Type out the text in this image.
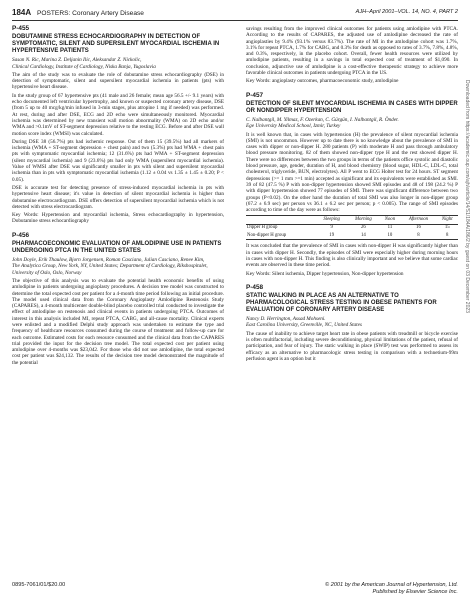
184A POSTERS: Coronary Artery Disease	AJH–April 2001–VOL. 14, NO. 4, PART 2
P-455
DOBUTAMINE STRESS ECHOCARDIOGRAPHY IN DETECTION OF SYMPTOMATIC, SILENT AND SUPERSILENT MYOCARDIAL ISCHEMIA IN HYPERTENSIVE PATIENTS

Sasan N. Ric, Marina Z. Deljanin Ilic, Aleksandar Z. Nickolic,

Clinical Cardiology, Institute of Cardiology, Niska Banja, Yugoslavia

The aim of the study was to evaluate the role of dobutamine stress echocardiography (DSE) in detection of symptomatic, silent and supersilent myocardial ischemia in patients (pts) with hypertensive heart disease.

In the study group of 67 hypertensive pts (41 male and 26 female; mean age 56.5 +/- 9.1 years) with echo documented left ventricular hypertrophy, and known or suspected coronary artery disease, DSE (from 5 up to 40 mcg/kg/min infused in 3-min stages, plus atropine 1 mg if needed) was performed. At rest, during and after DSE, ECG and 2D echo were simultaneously monitored. Myocardial ischemia was determined by new transient wall motion abnormality (WMA) on 2D echo and/or WMA and >0.1mV of ST-segment depression relative to the resting ECG. Before and after DSE wall motion score index (WMSI) was calculated.

During DSE 38 (56.7%) pts had ischemic response. Out of them 15 (39.5%) had all markers of ischemia (WMA + ST-segment depression + chest pain) and two (5.3%) pts had WMA + chest pain pts with symptomatic myocardial ischemia; 12 (31.6%) pts had WMA + ST-segment depression (silent myocardial ischemia) and 9 (23.6%) pts had only WMA (supersilent myocardial ischemia). Value of WMSI after DSE was significantly smaller in pts with silent and supersilent myocardial ischemia than in pts with symptomatic myocardial ischemia (1.12 ± 0.04 vs 1.35 ± 1.45 ± 0.20; P < 0.05).

DSE is accurate test for detecting presence of stress-induced myocardial ischemia in pts with hypertensive heart disease; it's value in detection of silent myocardial ischemia is higher than dobutamine electrocardiogram. DSE offers detection of supersilent myocardial ischemia which is not detected with stress electrocardiogram.

Key Words: Hypertension and myocardial ischemia, Stress echocardiography in hypertension, Dobutamine stress echocardiography

P-456
PHARMACOECONOMIC EVALUATION OF AMLODIPINE USE IN PATIENTS UNDERGOING PTCA IN THE UNITED STATES

John Doyle, Erik Thaulow, Bjorn Jorgensen, Roman Casciano, Julian Casciano, Renee Kim,

The Analytica Group, New York, NY, United States; Department of Cardiology, Rikshospitalet, University of Oslo, Oslo, Norway

The objective of this analysis was to evaluate the potential health economic benefits of using amlodipine in patients undergoing angioplasty procedures. A decision tree model was constructed to determine the total expected cost per patient for a 4-month time period following an initial procedure. The model used clinical data from the Coronary Angioplasty Amlodipine Restenosis Study (CAPARES), a 4-month multicenter double-blind placebo controlled trial conducted to investigate the effect of amlodipine on restenosis and clinical events in patients undergoing PTCA. Outcomes of interest in this analysis included MI, repeat PTCA, CABG, and all-cause mortality. Clinical experts were enlisted and a modified Delphi study approach was undertaken to estimate the type and frequency of healthcare resources consumed during the course of treatment and follow-up care for each outcome. Estimated costs for each resource consumed and the clinical data from the CAPARES trial provided the input for the decision tree model. The total expected cost per patient using amlodipine over 4-months was $23,042. For those who did not use amlodipine, the total expected cost per patient was $24,132. The results of the decision tree model demonstrated the magnitude of the potential

savings resulting from the improved clinical outcomes for patients using amlodipine with PTCA. According to the results of CAPARES, the adjusted use of amlodipine decreased the rate of angioplasties by 9.4% (93.1% versus 83.7%). The rate of MI in the amlodipine cohort was 1.7%, 3.1% for repeat PTCA, 1.7% for CABG, and 0.3% for death as opposed to rates of 3.7%, 7.8%, 4.8%, and 0.3%, respectively, in the placebo cohort. Overall, fewer health resources were utilized by amlodipine patients, resulting in a savings in total expected cost of treatment of $1,090. In conclusion, adjunctive use of amlodipine is a cost-effective therapeutic strategy to achieve more favorable clinical outcomes in patients undergoing PTCA in the US.

Key Words: angioplasty outcomes, pharmacoeconomic study, amlodipine

P-457
DETECTION OF SILENT MYOCARDIAL ISCHEMIA IN CASES WITH DIPPER OR NONDIPPER HYPERTENSION

C. Nalbantgil, M. Yilmaz, F. Ozerkan, C. Gürgün, I. Nalbantgil, R. Önder.

Ege University Medical School, Izmir, Turkey

It is well known that, in cases with hypertension (H) the prevalence of silent myocardial ischemia (SMI) is not uncommon. However up to date there is no knowledge about the prevalence of SMI in cases with dipper or non-dipper H. 280 patients (P) with moderate H and pass through ambulatory blood pressure monitoring. 82 of them showed non-dipper type H and the rest showed dipper H. There were no differences between the two groups in terms of the patients office systolic and diastolic blood pressure, age, gender, duration of H, and blood chemistry (blood sugar, HDL-C, LDL-C, total cholesterol, triglyceride, BUN, electrolytes). All P went to ECG Holter test for 24 hours. ST segment depressions (>= 1 mm >=1 min) accepted as significant and its equivalents were established as SMI. 39 of 82 (47.5 %) P with non-dipper hypertension showed SMI episodes and 48 of 198 (24.2 %) P with dipper hypertension showed 77 episodes of SMI. There was significant difference between two groups (P<0.02). On the other hand the duration of total SMI was also longer in non-dipper group (67.2 ± 6.9 sec) per person vs 36.1 ± 6.2 sec per person; p < 0.005). The range of SMI episodes according to time of the day were as follows:

	Sleeping	Morning	Noon	Afternoon	Night
Dipper H group	9	26	11	16	15
Non-dipper H group	19	14	10	8	8

It was concluded that the prevalence of SMI in cases with non-dipper H was significantly higher than in cases with dipper H. Secondly, the episodes of SMI were especially higher during morning hours in cases with non-dipper H. This finding is also clinically important and we believe that some cardiac events are observed in these time period.

Key Words: Silent ischemia, Dipper hypertension, Non-dipper hypertension

P-458
STATIC WALKING IN PLACE AS AN ALTERNATIVE TO PHARMACOLOGICAL STRESS TESTING IN OBESE PATIENTS FOR EVALUATION OF CORONARY ARTERY DISEASE

Nancy D. Herrington, Assad Mohseni.

East Carolina University, Greenville, NC, United States

The cause of inability to achieve target heart rate in obese patients with treadmill or bicycle exercise is often multifactorial, including severe deconditioning, physical limitations of the patient, refusal of participation, and fear of injury. The static walking in place (SWIP) test was performed to assess its efficacy as an alternative to pharmacologic stress testing in comparison with a technetium-99m perfusion agent is an option but it

Downloaded from https://academic.oup.com/ajh/article/14/S1/184A/186/2 by guest on 03 December 2023
0895-7061/01/$20.00	© 2001 by the American Journal of Hypertension, Ltd.
Published by Elsevier Science Inc.
